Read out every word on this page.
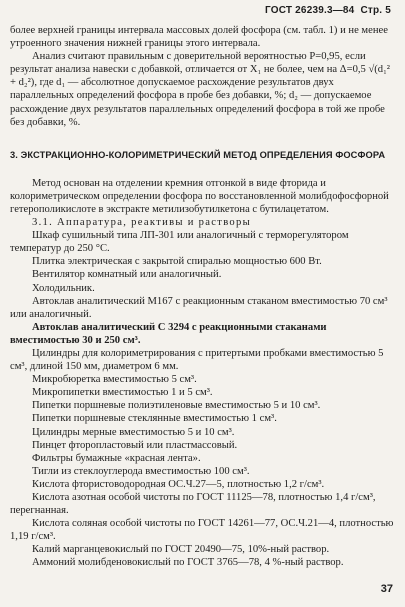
ГОСТ 26239.3—84 Стр. 5

более верхней границы интервала массовых долей фосфора (см. табл. 1) и не менее утроенного значения нижней границы этого интервала.

Анализ считают правильным с доверительной вероятностью P=0,95, если результат анализа навески с добавкой, отличается от X₁ не более, чем на Δ=0,5 √(d₁² + d₂²), где d₁ — абсолютное допускаемое расхождение результатов двух параллельных определений фосфора в пробе без добавки, %; d₂ — допускаемое расхождение двух результатов параллельных определений фосфора в той же пробе без добавки, %.

3. ЭКСТРАКЦИОННО-КОЛОРИМЕТРИЧЕСКИЙ МЕТОД ОПРЕДЕЛЕНИЯ ФОСФОРА

Метод основан на отделении кремния отгонкой в виде фторида и колориметрическом определении фосфора по восстановленной молибдофосфорной гетерополикислоте в экстракте метилизобутилкетона с бутилацетатом.

3.1. Аппаратура, реактивы и растворы

Шкаф сушильный типа ЛП-301 или аналогичный с терморегулятором температур до 250 °С.

Плитка электрическая с закрытой спиралью мощностью 600 Вт.

Вентилятор комнатный или аналогичный.

Холодильник.

Автоклав аналитический М167 с реакционным стаканом вместимостью 70 см³ или аналогичный.

Автоклав аналитический С 3294 с реакционными стаканами вместимостью 30 и 250 см³.

Цилиндры для колориметрирования с притертыми пробками вместимостью 5 см³, длиной 150 мм, диаметром 6 мм.

Микробюретка вместимостью 5 см³.

Микропипетки вместимостью 1 и 5 см³.

Пипетки поршневые полиэтиленовые вместимостью 5 и 10 см³.

Пипетки поршневые стеклянные вместимостью 1 см³.

Цилиндры мерные вместимостью 5 и 10 см³.

Пинцет фторопластовый или пластмассовый.

Фильтры бумажные «красная лента».

Тигли из стеклоуглерода вместимостью 100 см³.

Кислота фтористоводородная ОС.Ч.27—5, плотностью 1,2 г/см³.

Кислота азотная особой чистоты по ГОСТ 11125—78, плотностью 1,4 г/см³, перегнанная.

Кислота соляная особой чистоты по ГОСТ 14261—77, ОС.Ч.21—4, плотностью 1,19 г/см³.

Калий марганцевокислый по ГОСТ 20490—75, 10%-ный раствор.

Аммоний молибденовокислый по ГОСТ 3765—78, 4 %-ный раствор.

37
